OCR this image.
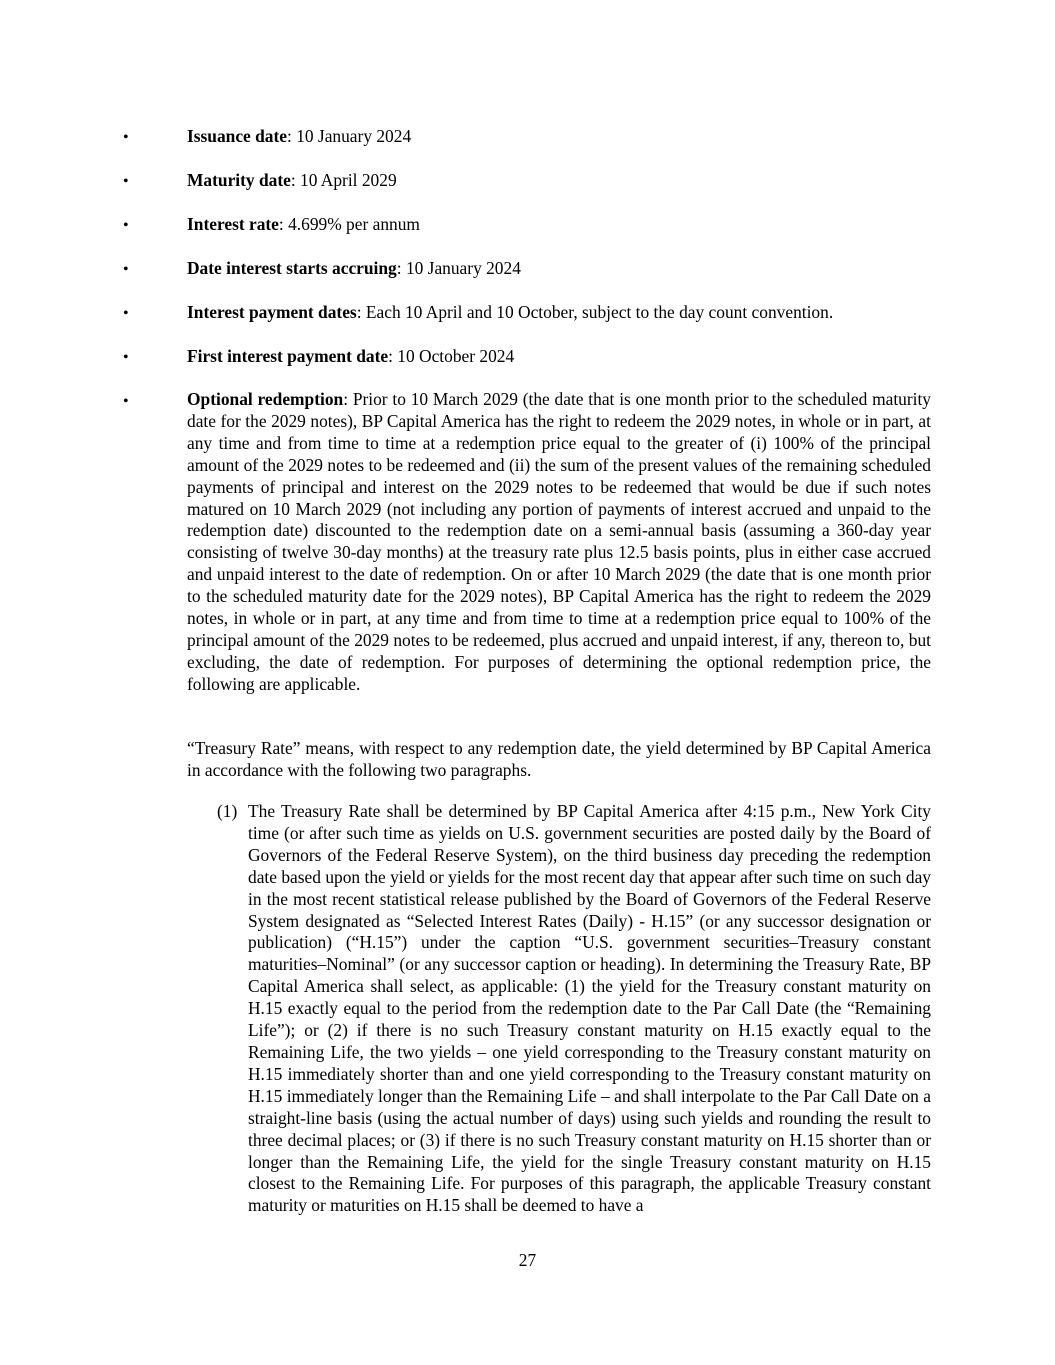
•	Issuance date: 10 January 2024
•	Maturity date: 10 April 2029
•	Interest rate: 4.699% per annum
•	Date interest starts accruing: 10 January 2024
•	Interest payment dates: Each 10 April and 10 October, subject to the day count convention.
•	First interest payment date: 10 October 2024
•	Optional redemption: Prior to 10 March 2029 (the date that is one month prior to the scheduled maturity date for the 2029 notes), BP Capital America has the right to redeem the 2029 notes, in whole or in part, at any time and from time to time at a redemption price equal to the greater of (i) 100% of the principal amount of the 2029 notes to be redeemed and (ii) the sum of the present values of the remaining scheduled payments of principal and interest on the 2029 notes to be redeemed that would be due if such notes matured on 10 March 2029 (not including any portion of payments of interest accrued and unpaid to the redemption date) discounted to the redemption date on a semi-annual basis (assuming a 360-day year consisting of twelve 30-day months) at the treasury rate plus 12.5 basis points, plus in either case accrued and unpaid interest to the date of redemption. On or after 10 March 2029 (the date that is one month prior to the scheduled maturity date for the 2029 notes), BP Capital America has the right to redeem the 2029 notes, in whole or in part, at any time and from time to time at a redemption price equal to 100% of the principal amount of the 2029 notes to be redeemed, plus accrued and unpaid interest, if any, thereon to, but excluding, the date of redemption. For purposes of determining the optional redemption price, the following are applicable.
“Treasury Rate” means, with respect to any redemption date, the yield determined by BP Capital America in accordance with the following two paragraphs.
(1) The Treasury Rate shall be determined by BP Capital America after 4:15 p.m., New York City time (or after such time as yields on U.S. government securities are posted daily by the Board of Governors of the Federal Reserve System), on the third business day preceding the redemption date based upon the yield or yields for the most recent day that appear after such time on such day in the most recent statistical release published by the Board of Governors of the Federal Reserve System designated as “Selected Interest Rates (Daily) - H.15” (or any successor designation or publication) (“H.15”) under the caption “U.S. government securities–Treasury constant maturities–Nominal” (or any successor caption or heading). In determining the Treasury Rate, BP Capital America shall select, as applicable: (1) the yield for the Treasury constant maturity on H.15 exactly equal to the period from the redemption date to the Par Call Date (the “Remaining Life”); or (2) if there is no such Treasury constant maturity on H.15 exactly equal to the Remaining Life, the two yields – one yield corresponding to the Treasury constant maturity on H.15 immediately shorter than and one yield corresponding to the Treasury constant maturity on H.15 immediately longer than the Remaining Life – and shall interpolate to the Par Call Date on a straight-line basis (using the actual number of days) using such yields and rounding the result to three decimal places; or (3) if there is no such Treasury constant maturity on H.15 shorter than or longer than the Remaining Life, the yield for the single Treasury constant maturity on H.15 closest to the Remaining Life. For purposes of this paragraph, the applicable Treasury constant maturity or maturities on H.15 shall be deemed to have a
27
